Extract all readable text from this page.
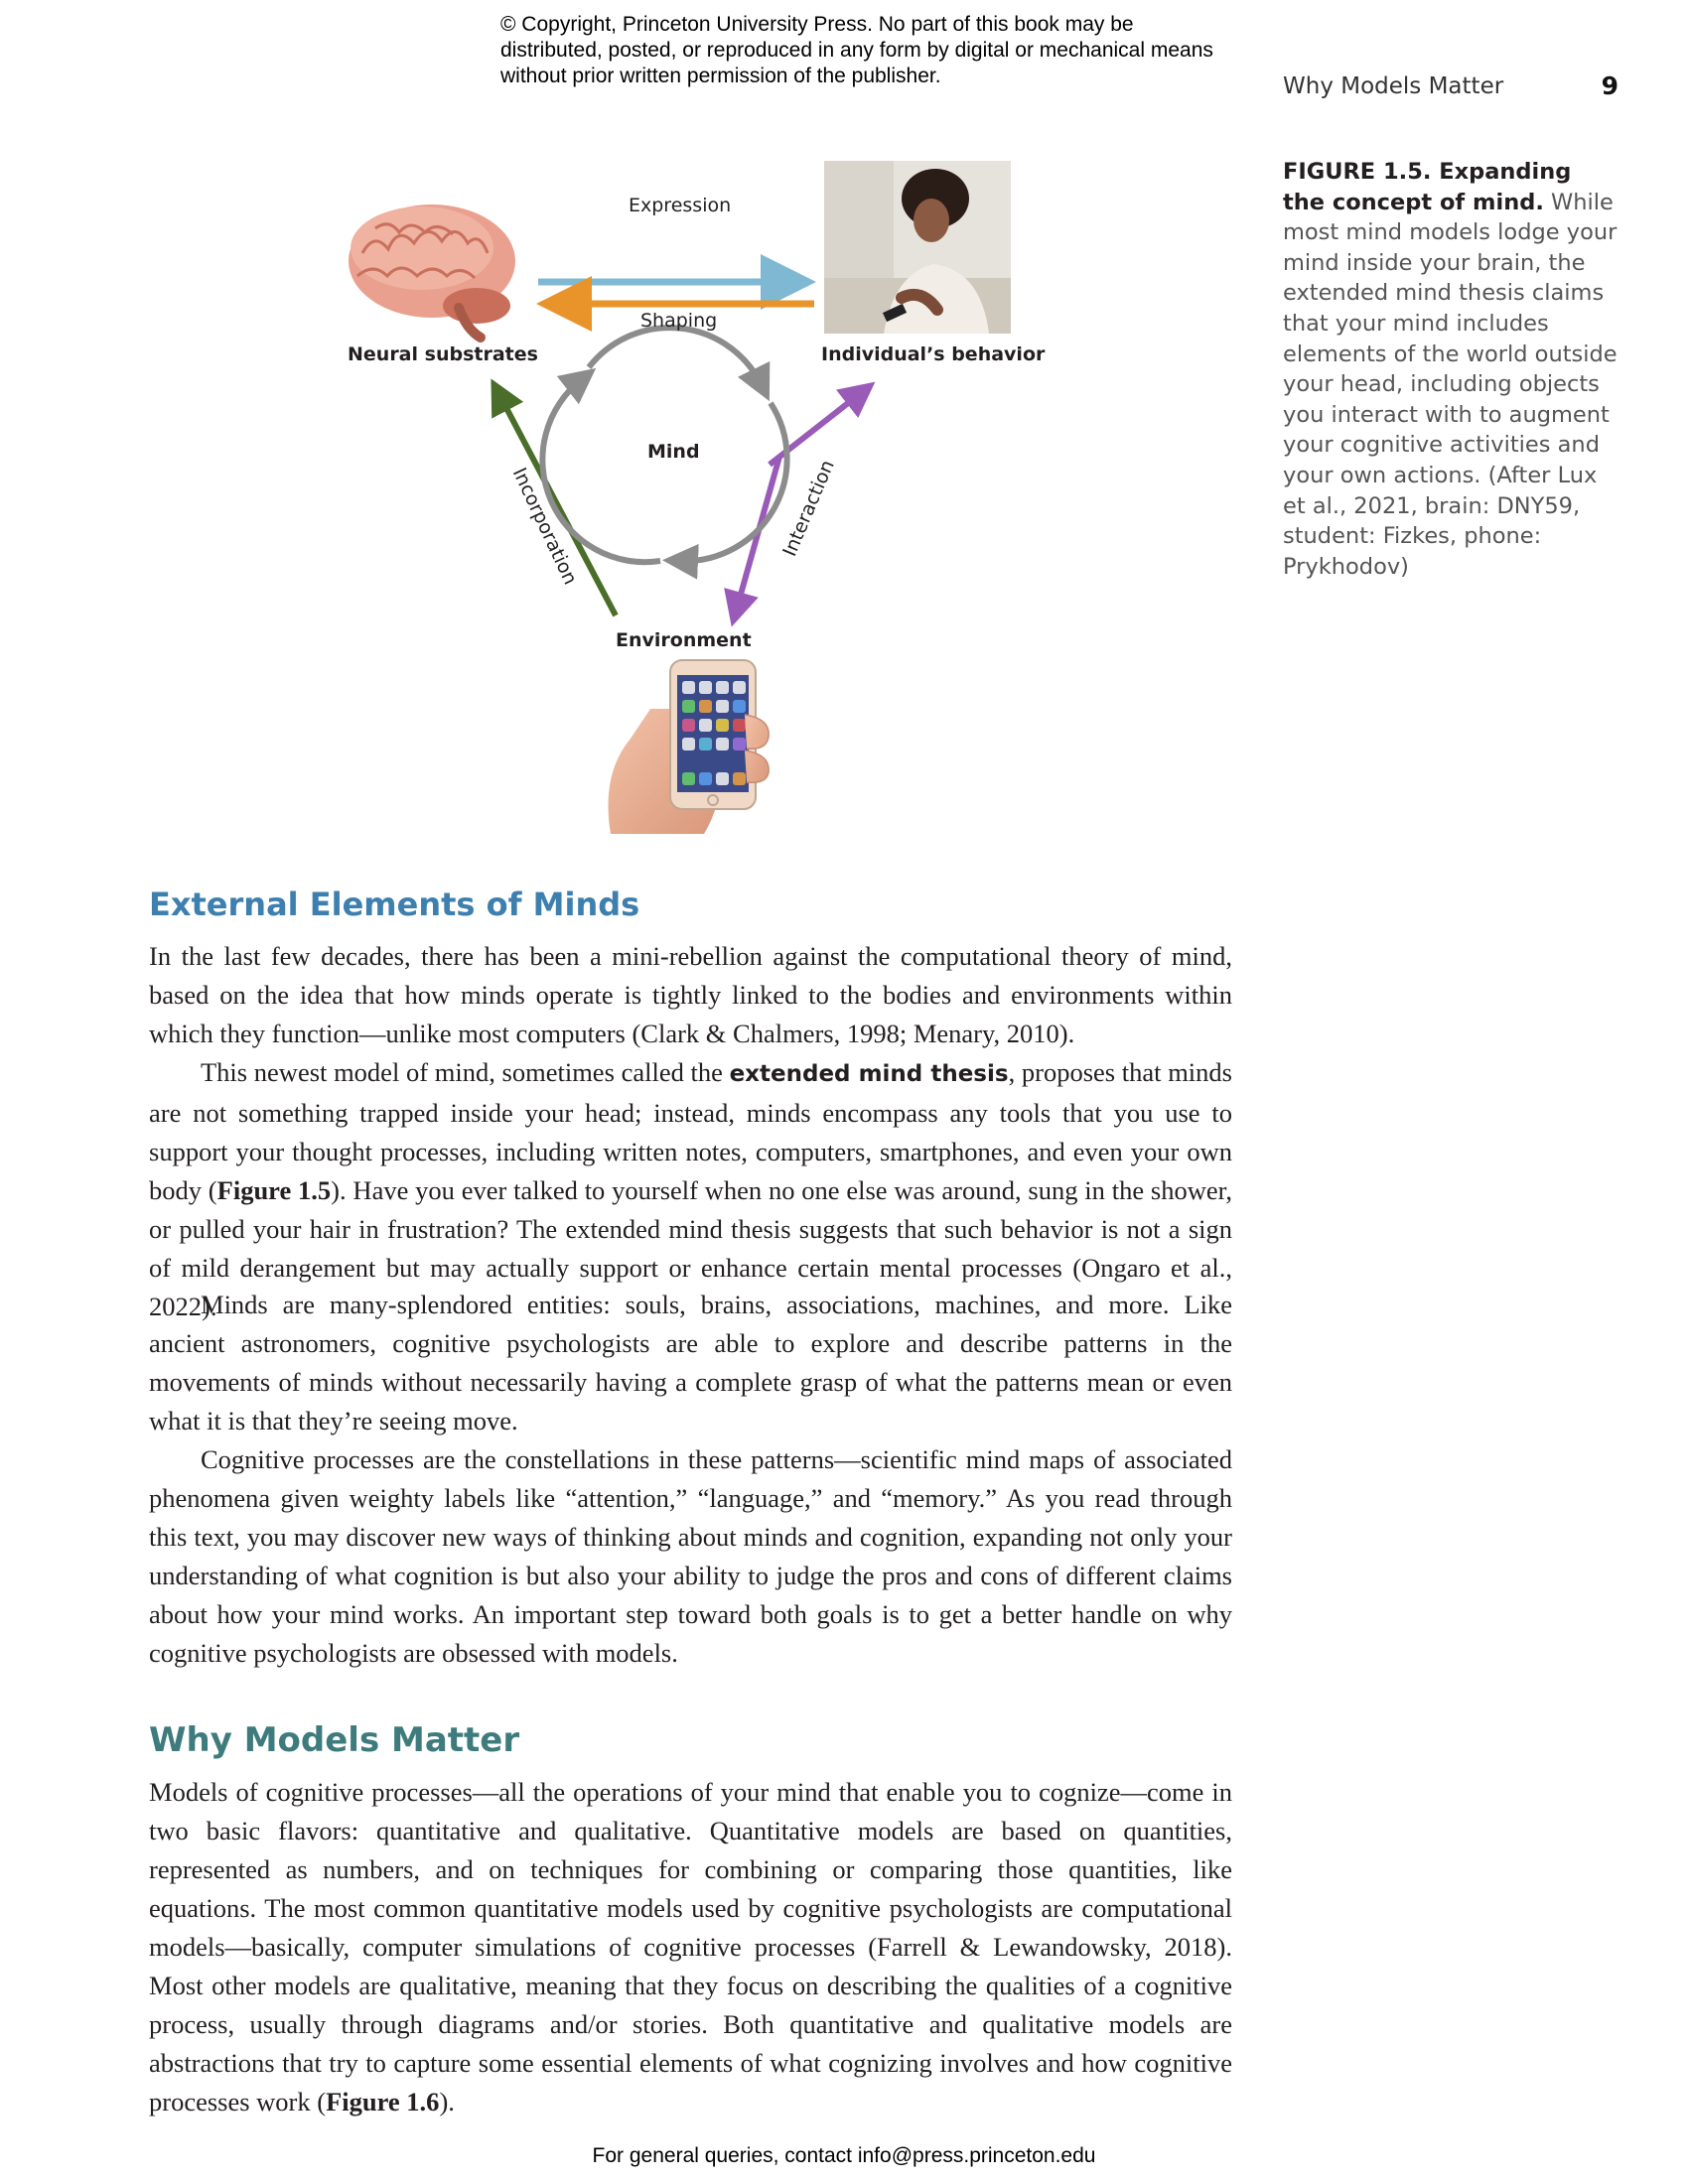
© Copyright, Princeton University Press. No part of this book may be distributed, posted, or reproduced in any form by digital or mechanical means without prior written permission of the publisher.	Why Models Matter	9
Expression
Shaping
Neural substrates	Individual’s behavior
Mind
Incorporation	Interaction
Environment
FIGURE 1.5. Expanding the concept of mind. While most mind models lodge your mind inside your brain, the extended mind thesis claims that your mind includes elements of the world outside your head, including objects you interact with to augment your cognitive activities and your own actions. (After Lux et al., 2021, brain: DNY59, student: Fizkes, phone: Prykhodov)
External Elements of Minds

In the last few decades, there has been a mini-rebellion against the computational theory of mind, based on the idea that how minds operate is tightly linked to the bodies and environments within which they function—unlike most computers (Clark & Chalmers, 1998; Menary, 2010).

This newest model of mind, sometimes called the extended mind thesis, proposes that minds are not something trapped inside your head; instead, minds encompass any tools that you use to support your thought processes, including written notes, computers, smartphones, and even your own body (Figure 1.5). Have you ever talked to yourself when no one else was around, sung in the shower, or pulled your hair in frustration? The extended mind thesis suggests that such behavior is not a sign of mild derangement but may actually support or enhance certain mental processes (Ongaro et al., 2022).

Minds are many-splendored entities: souls, brains, associations, machines, and more. Like ancient astronomers, cognitive psychologists are able to explore and describe patterns in the movements of minds without necessarily having a complete grasp of what the patterns mean or even what it is that they’re seeing move.

Cognitive processes are the constellations in these patterns—scientific mind maps of associated phenomena given weighty labels like “attention,” “language,” and “memory.” As you read through this text, you may discover new ways of thinking about minds and cognition, expanding not only your understanding of what cognition is but also your ability to judge the pros and cons of different claims about how your mind works. An important step toward both goals is to get a better handle on why cognitive psychologists are obsessed with models.

Why Models Matter

Models of cognitive processes—all the operations of your mind that enable you to cognize—come in two basic flavors: quantitative and qualitative. Quantitative models are based on quantities, represented as numbers, and on techniques for combining or comparing those quantities, like equations. The most common quantitative models used by cognitive psychologists are computational models—basically, computer simulations of cognitive processes (Farrell & Lewandowsky, 2018). Most other models are qualitative, meaning that they focus on describing the qualities of a cognitive process, usually through diagrams and/or stories. Both quantitative and qualitative models are abstractions that try to capture some essential elements of what cognizing involves and how cognitive processes work (Figure 1.6).

For general queries, contact info@press.princeton.edu
